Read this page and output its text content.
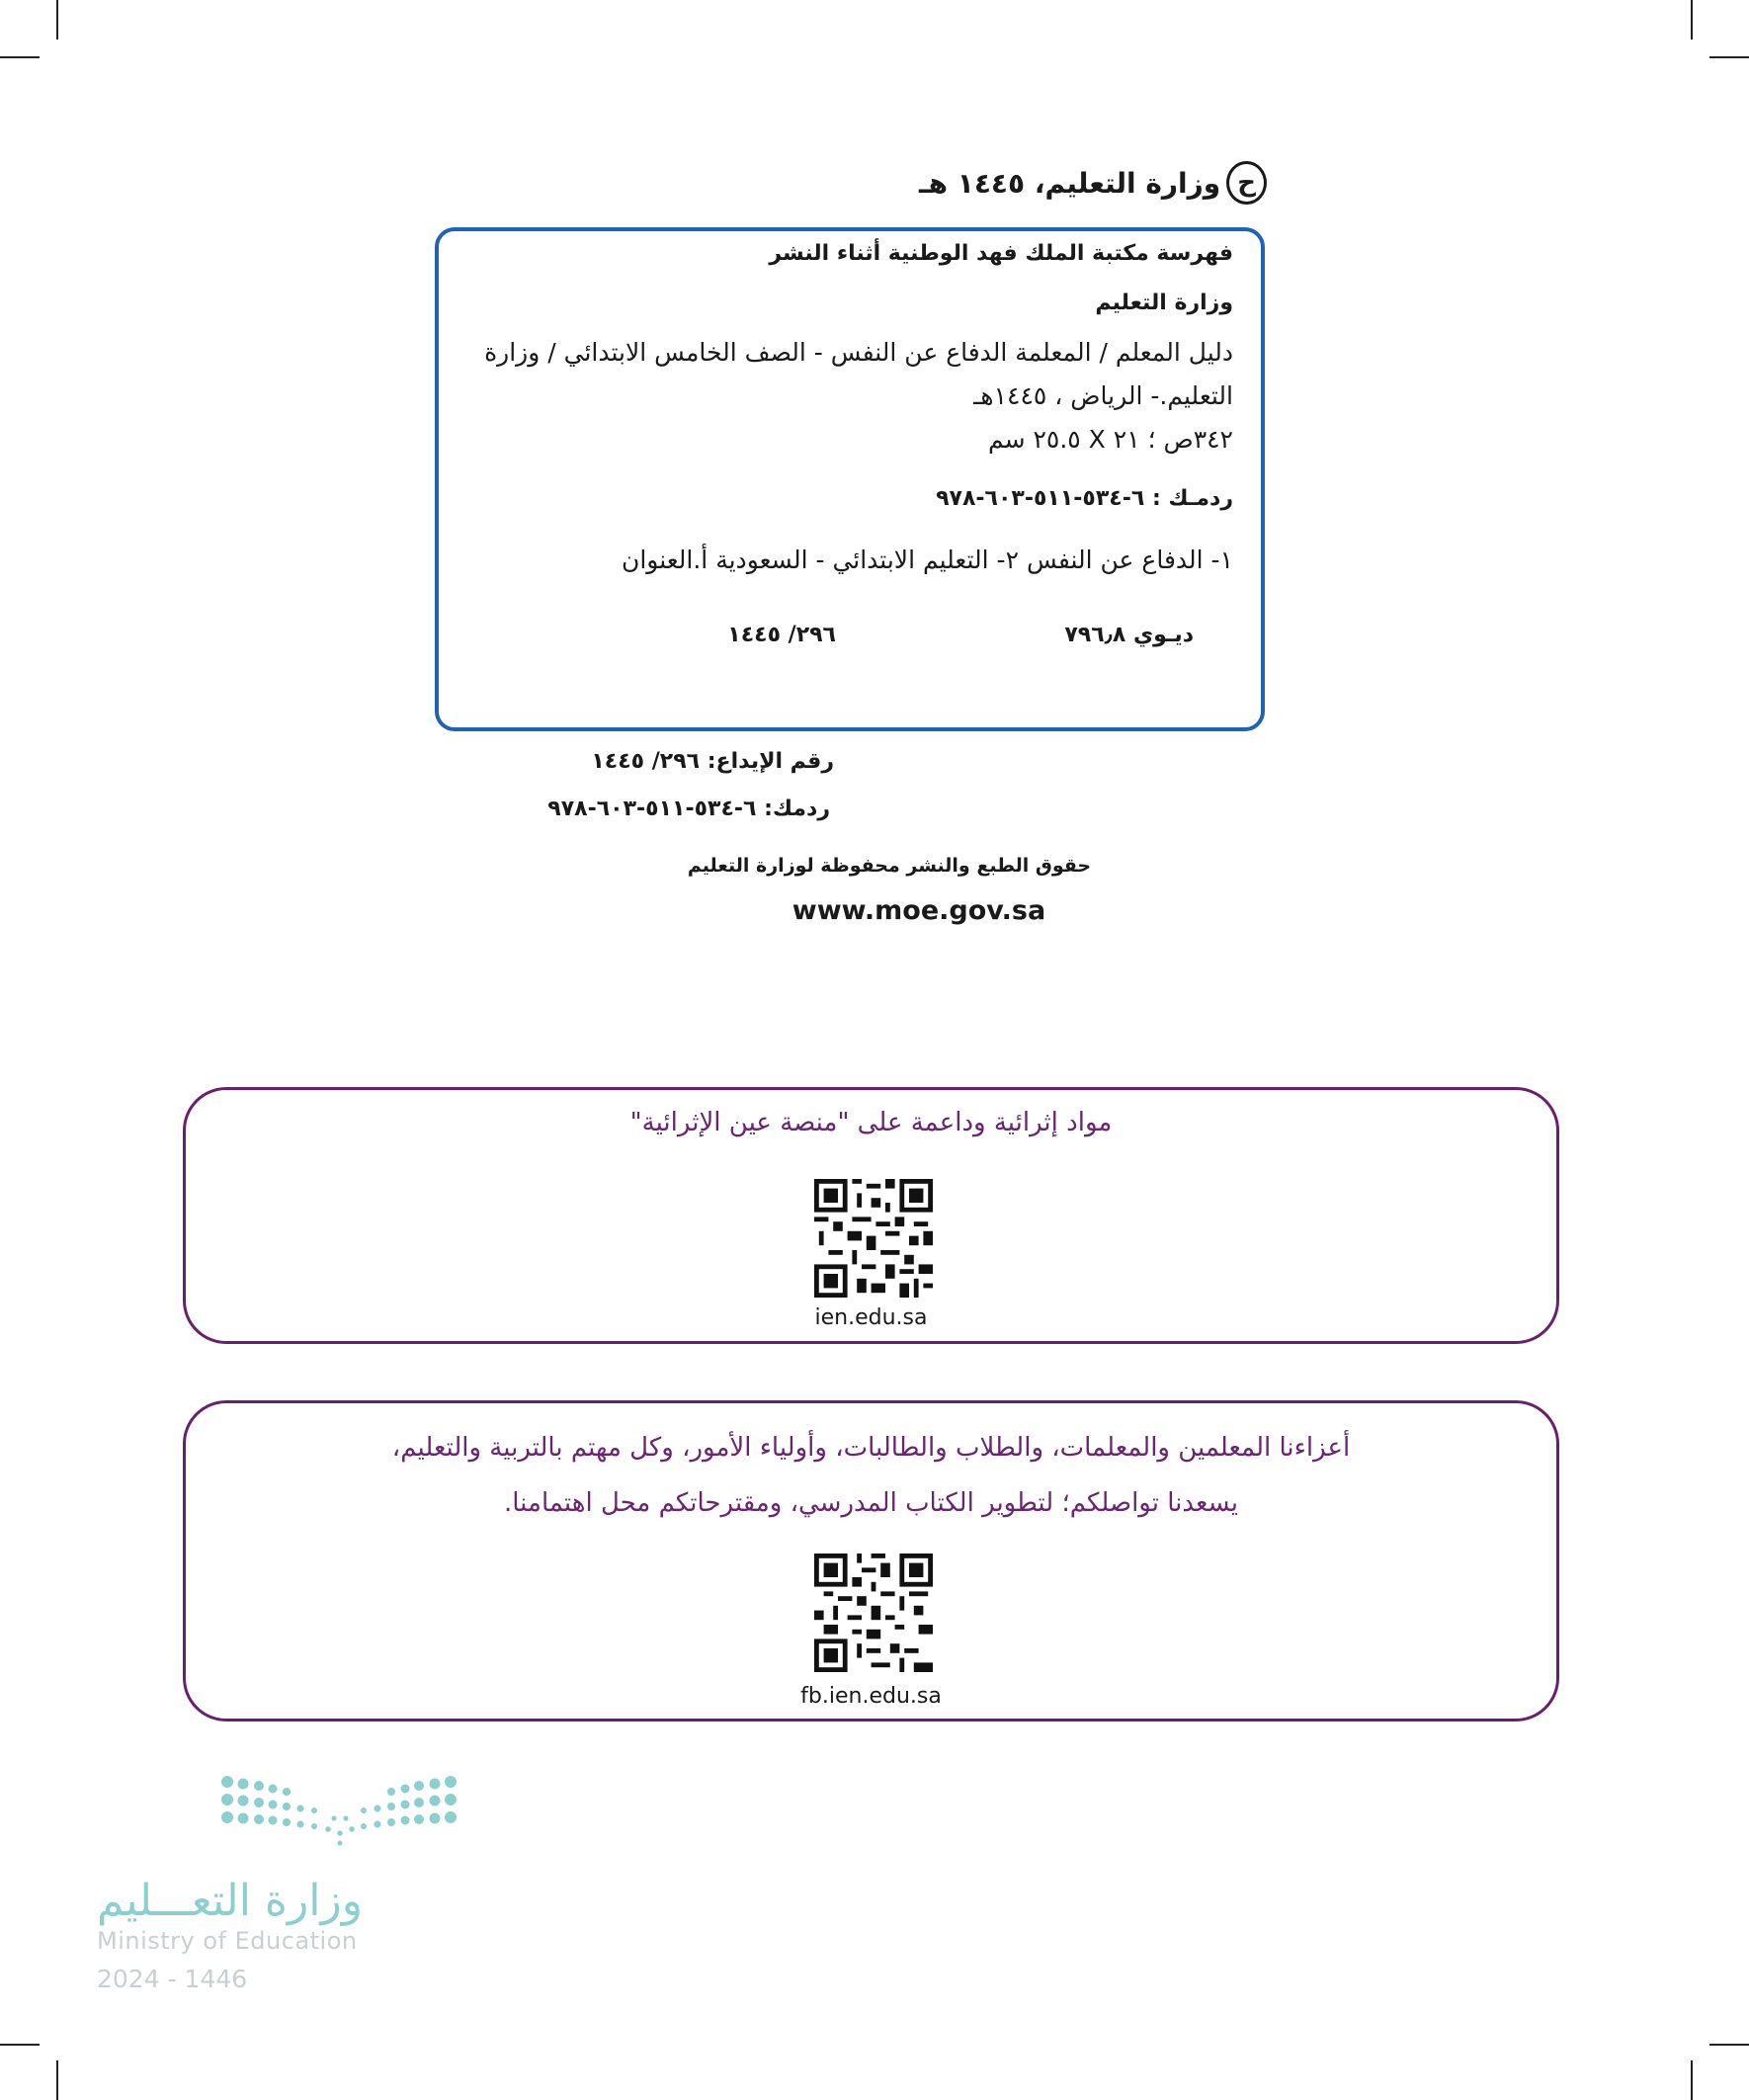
ح
وزارة التعليم، ١٤٤٥ هـ
فهرسة مكتبة الملك فهد الوطنية أثناء النشر
وزارة التعليم
دليل المعلم / المعلمة الدفاع عن النفس - الصف الخامس الابتدائي / وزارة
التعليم.- الرياض ، ١٤٤٥هـ
٣٤٢ص ؛ ٢١ X ٢٥.٥ سم
ردمـك : ٦-٥٣٤-٥١١-٦٠٣-٩٧٨
١- الدفاع عن النفس ٢- التعليم الابتدائي - السعودية أ.العنوان
ديـوي ٧٩٦٫٨
٢٩٦/ ١٤٤٥
رقم الإيداع: ٢٩٦/ ١٤٤٥
ردمك: ٦-٥٣٤-٥١١-٦٠٣-٩٧٨
حقوق الطبع والنشر محفوظة لوزارة التعليم
www.moe.gov.sa
مواد إثرائية وداعمة على "منصة عين الإثرائية"
ien.edu.sa
أعزاءنا المعلمين والمعلمات، والطلاب والطالبات، وأولياء الأمور، وكل مهتم بالتربية والتعليم،
يسعدنا تواصلكم؛ لتطوير الكتاب المدرسي، ومقترحاتكم محل اهتمامنا.
fb.ien.edu.sa
وزارة التعـــليم
Ministry of Education
2024 - 1446
